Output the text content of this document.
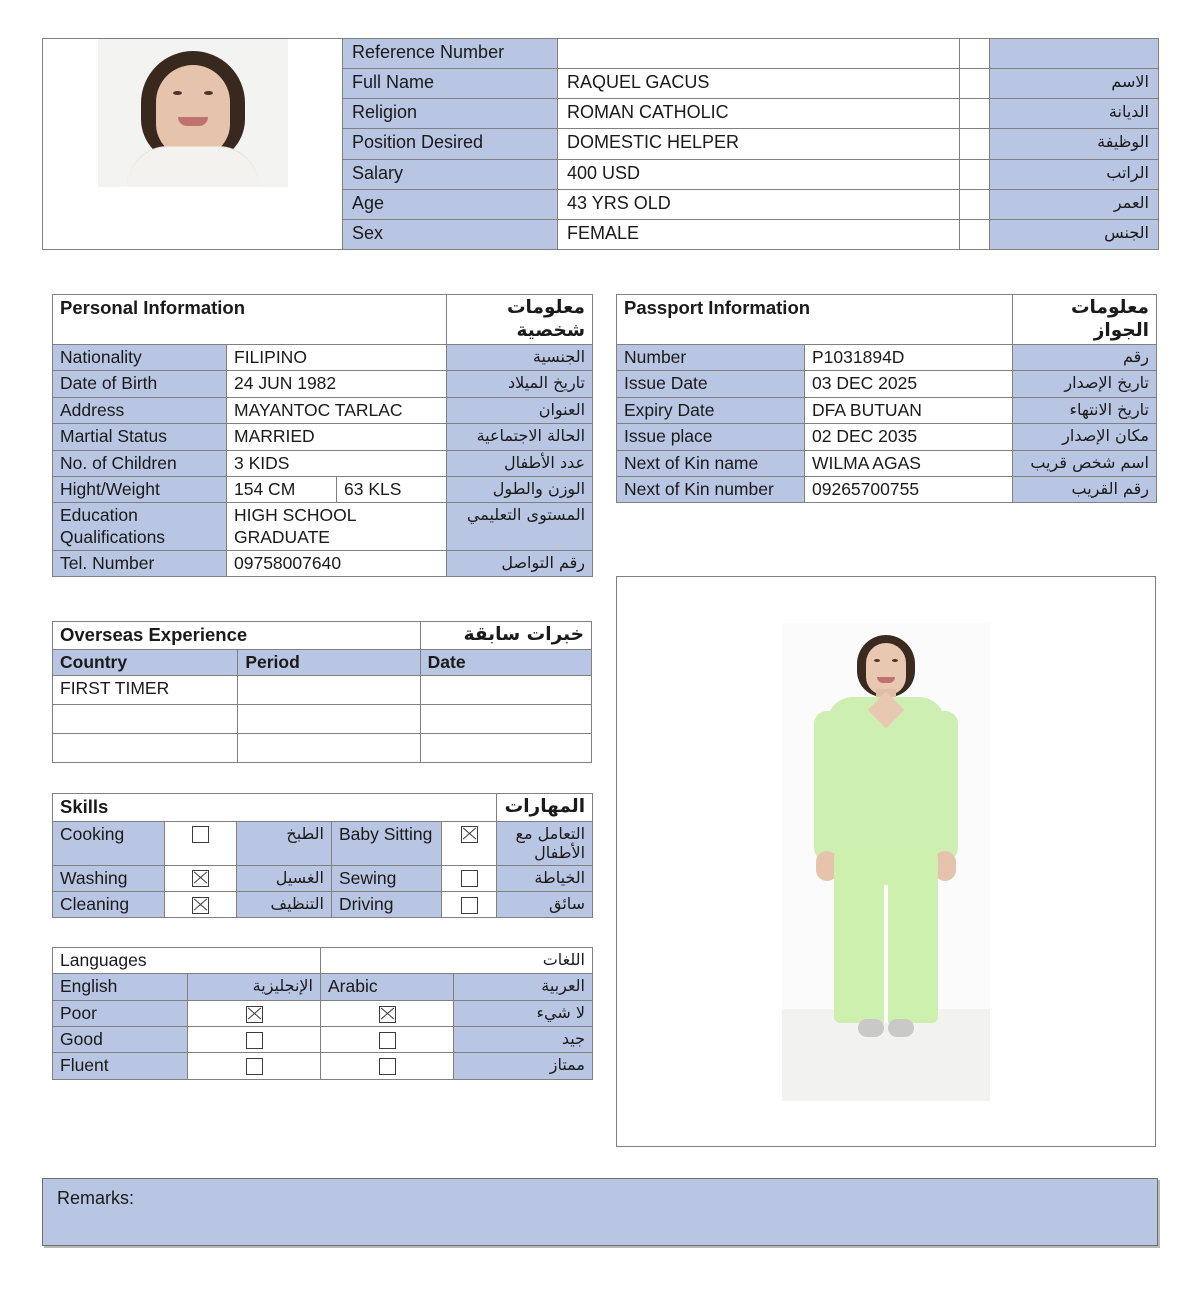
	Reference Number			
	Full Name	RAQUEL GACUS		الاسم
	Religion	ROMAN CATHOLIC		الديانة
	Position Desired	DOMESTIC HELPER		الوظيفة
	Salary	400 USD		الراتب
	Age	43 YRS OLD		العمر
	Sex	FEMALE		الجنس
Personal Information			معلومات شخصية
Nationality	FILIPINO		الجنسية
Date of Birth	24 JUN 1982		تاريخ الميلاد
Address	MAYANTOC TARLAC		العنوان
Martial Status	MARRIED		الحالة الاجتماعية
No. of Children	3 KIDS		عدد الأطفال
Hight/Weight	154 CM	63 KLS	الوزن والطول
Education Qualifications	HIGH SCHOOL GRADUATE		المستوى التعليمي
Tel. Number	09758007640		رقم التواصل
Passport Information		معلومات الجواز
Number	P1031894D	رقم
Issue Date	03 DEC 2025	تاريخ الإصدار
Expiry Date	DFA BUTUAN	تاريخ الانتهاء
Issue place	02 DEC 2035	مكان الإصدار
Next of Kin name	WILMA AGAS	اسم شخص قريب
Next of Kin number	09265700755	رقم القريب
Overseas Experience		خبرات سابقة
Country	Period	Date
FIRST TIMER		

Skills					المهارات
Cooking		الطبخ	Baby Sitting		التعامل مع الأطفال
Washing		الغسيل	Sewing		الخياطة
Cleaning		التنظيف	Driving		سائق
Languages		اللغات	
English	الإنجليزية	Arabic	العربية
Poor			لا شيء
Good			جيد
Fluent			ممتاز
Remarks:
